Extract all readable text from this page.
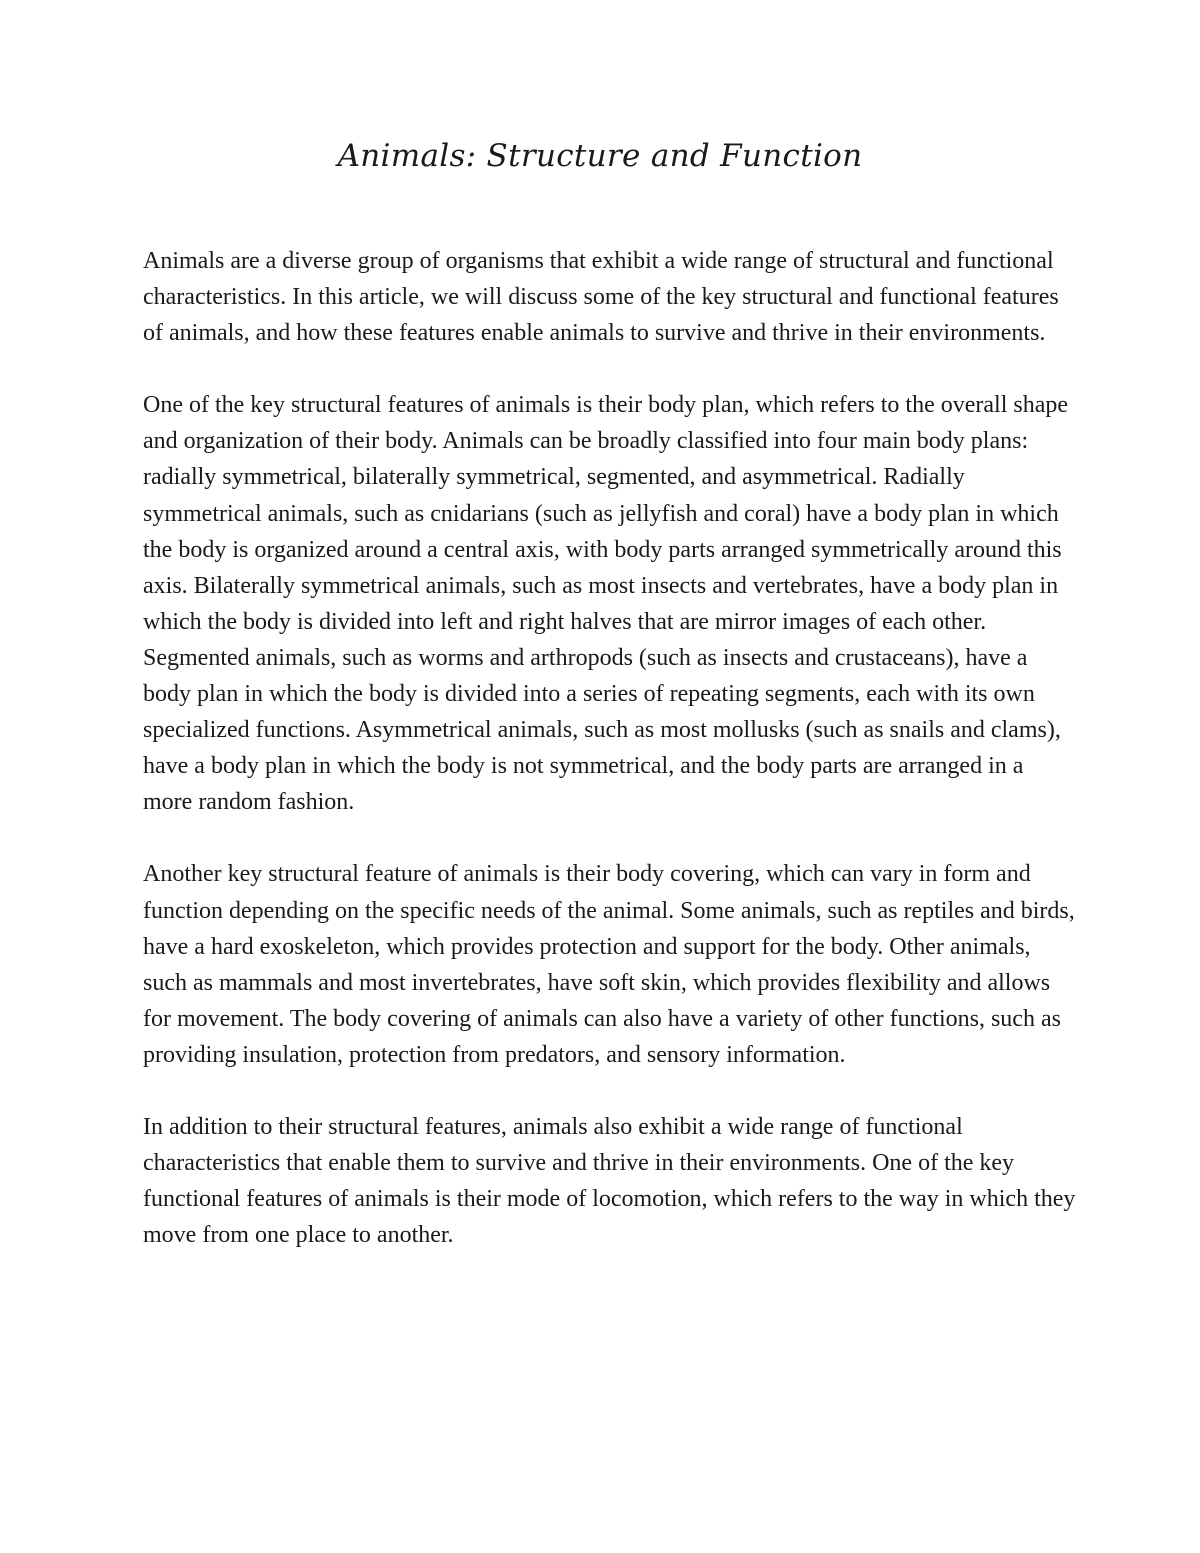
Animals: Structure and Function

Animals are a diverse group of organisms that exhibit a wide range of structural and functional characteristics. In this article, we will discuss some of the key structural and functional features of animals, and how these features enable animals to survive and thrive in their environments.

One of the key structural features of animals is their body plan, which refers to the overall shape and organization of their body. Animals can be broadly classified into four main body plans: radially symmetrical, bilaterally symmetrical, segmented, and asymmetrical. Radially symmetrical animals, such as cnidarians (such as jellyfish and coral) have a body plan in which the body is organized around a central axis, with body parts arranged symmetrically around this axis. Bilaterally symmetrical animals, such as most insects and vertebrates, have a body plan in which the body is divided into left and right halves that are mirror images of each other. Segmented animals, such as worms and arthropods (such as insects and crustaceans), have a body plan in which the body is divided into a series of repeating segments, each with its own specialized functions. Asymmetrical animals, such as most mollusks (such as snails and clams), have a body plan in which the body is not symmetrical, and the body parts are arranged in a more random fashion.

Another key structural feature of animals is their body covering, which can vary in form and function depending on the specific needs of the animal. Some animals, such as reptiles and birds, have a hard exoskeleton, which provides protection and support for the body. Other animals, such as mammals and most invertebrates, have soft skin, which provides flexibility and allows for movement. The body covering of animals can also have a variety of other functions, such as providing insulation, protection from predators, and sensory information.

In addition to their structural features, animals also exhibit a wide range of functional characteristics that enable them to survive and thrive in their environments. One of the key functional features of animals is their mode of locomotion, which refers to the way in which they move from one place to another.
